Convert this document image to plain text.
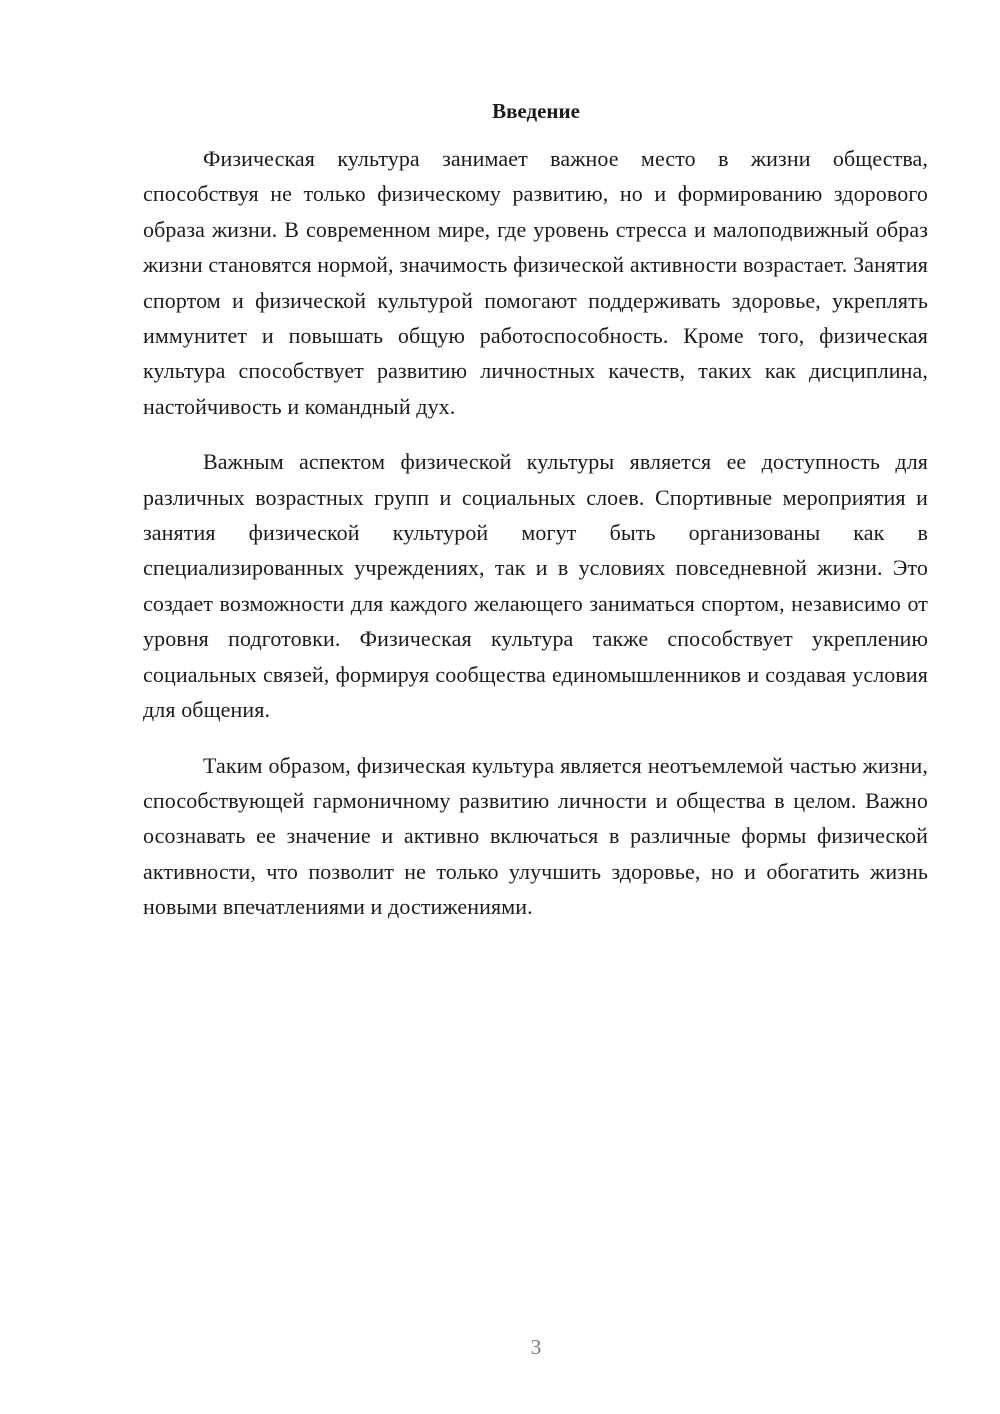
Введение

Физическая культура занимает важное место в жизни общества, способствуя не только физическому развитию, но и формированию здорового образа жизни. В современном мире, где уровень стресса и малоподвижный образ жизни становятся нормой, значимость физической активности возрастает. Занятия спортом и физической культурой помогают поддерживать здоровье, укреплять иммунитет и повышать общую работоспособность. Кроме того, физическая культура способствует развитию личностных качеств, таких как дисциплина, настойчивость и командный дух.

Важным аспектом физической культуры является ее доступность для различных возрастных групп и социальных слоев. Спортивные мероприятия и занятия физической культурой могут быть организованы как в специализированных учреждениях, так и в условиях повседневной жизни. Это создает возможности для каждого желающего заниматься спортом, независимо от уровня подготовки. Физическая культура также способствует укреплению социальных связей, формируя сообщества единомышленников и создавая условия для общения.

Таким образом, физическая культура является неотъемлемой частью жизни, способствующей гармоничному развитию личности и общества в целом. Важно осознавать ее значение и активно включаться в различные формы физической активности, что позволит не только улучшить здоровье, но и обогатить жизнь новыми впечатлениями и достижениями.

3
